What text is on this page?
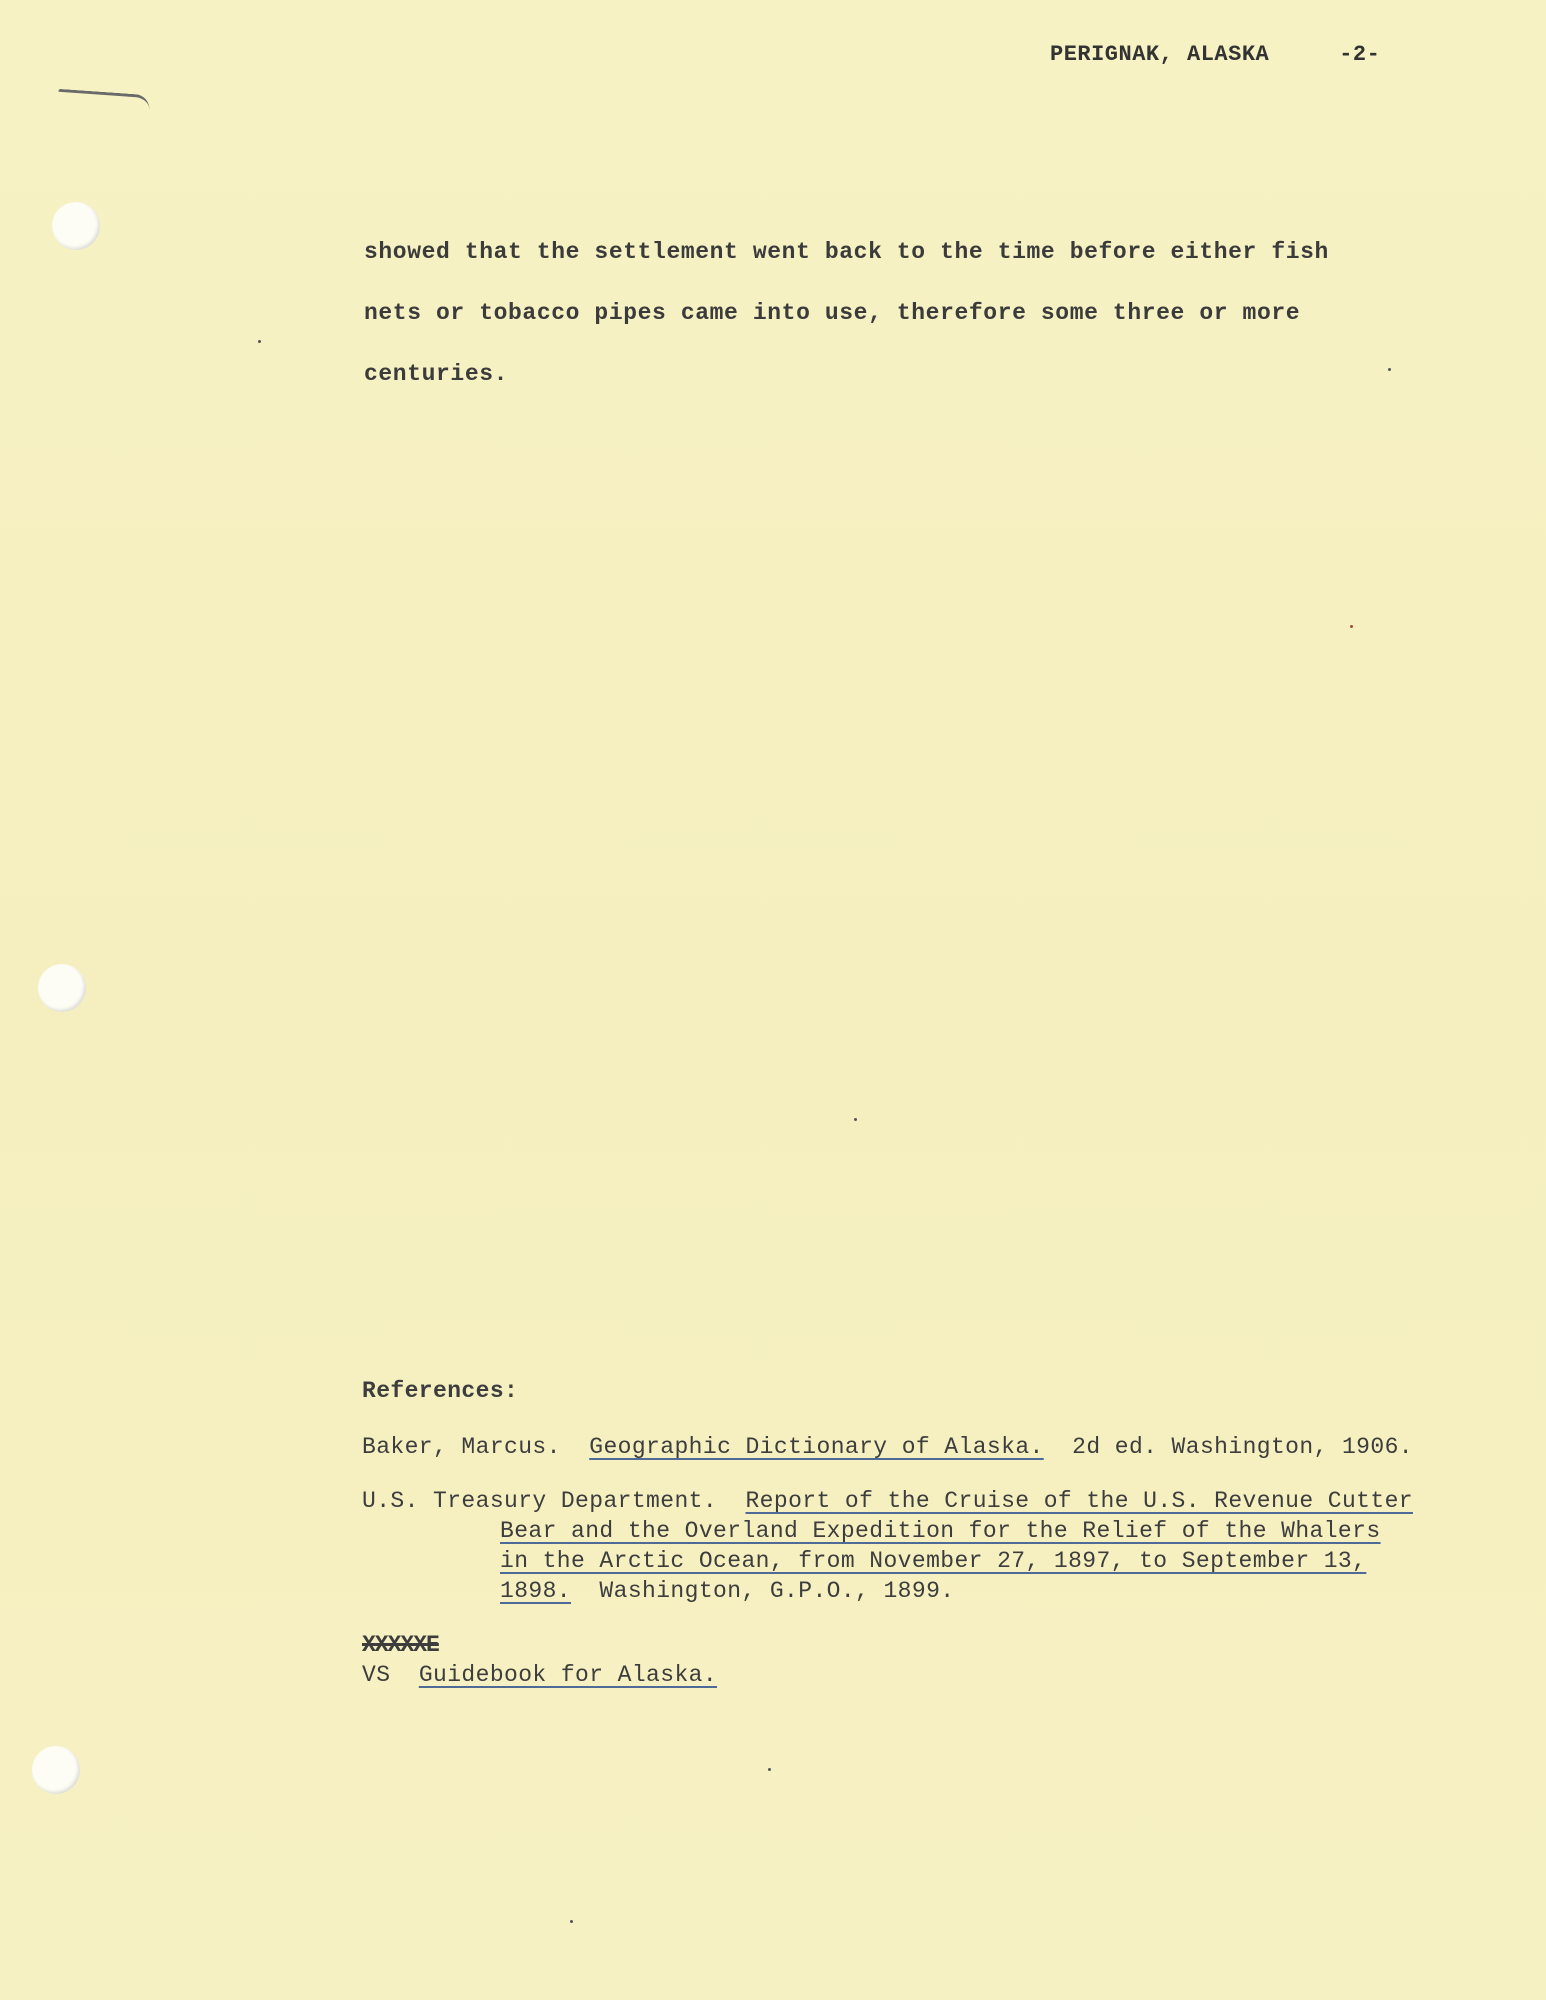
PERIGNAK, ALASKA	-2-
showed that the settlement went back to the time before either fish
nets or tobacco pipes came into use, therefore some three or more
centuries.
References:
Baker, Marcus. Geographic Dictionary of Alaska. 2d ed. Washington, 1906.
U.S. Treasury Department. Report of the Cruise of the U.S. Revenue Cutter
Bear and the Overland Expedition for the Relief of the Whalers
in the Arctic Ocean, from November 27, 1897, to September 13,
1898. Washington, G.P.O., 1899.
XXXXXE
VS Guidebook for Alaska.
